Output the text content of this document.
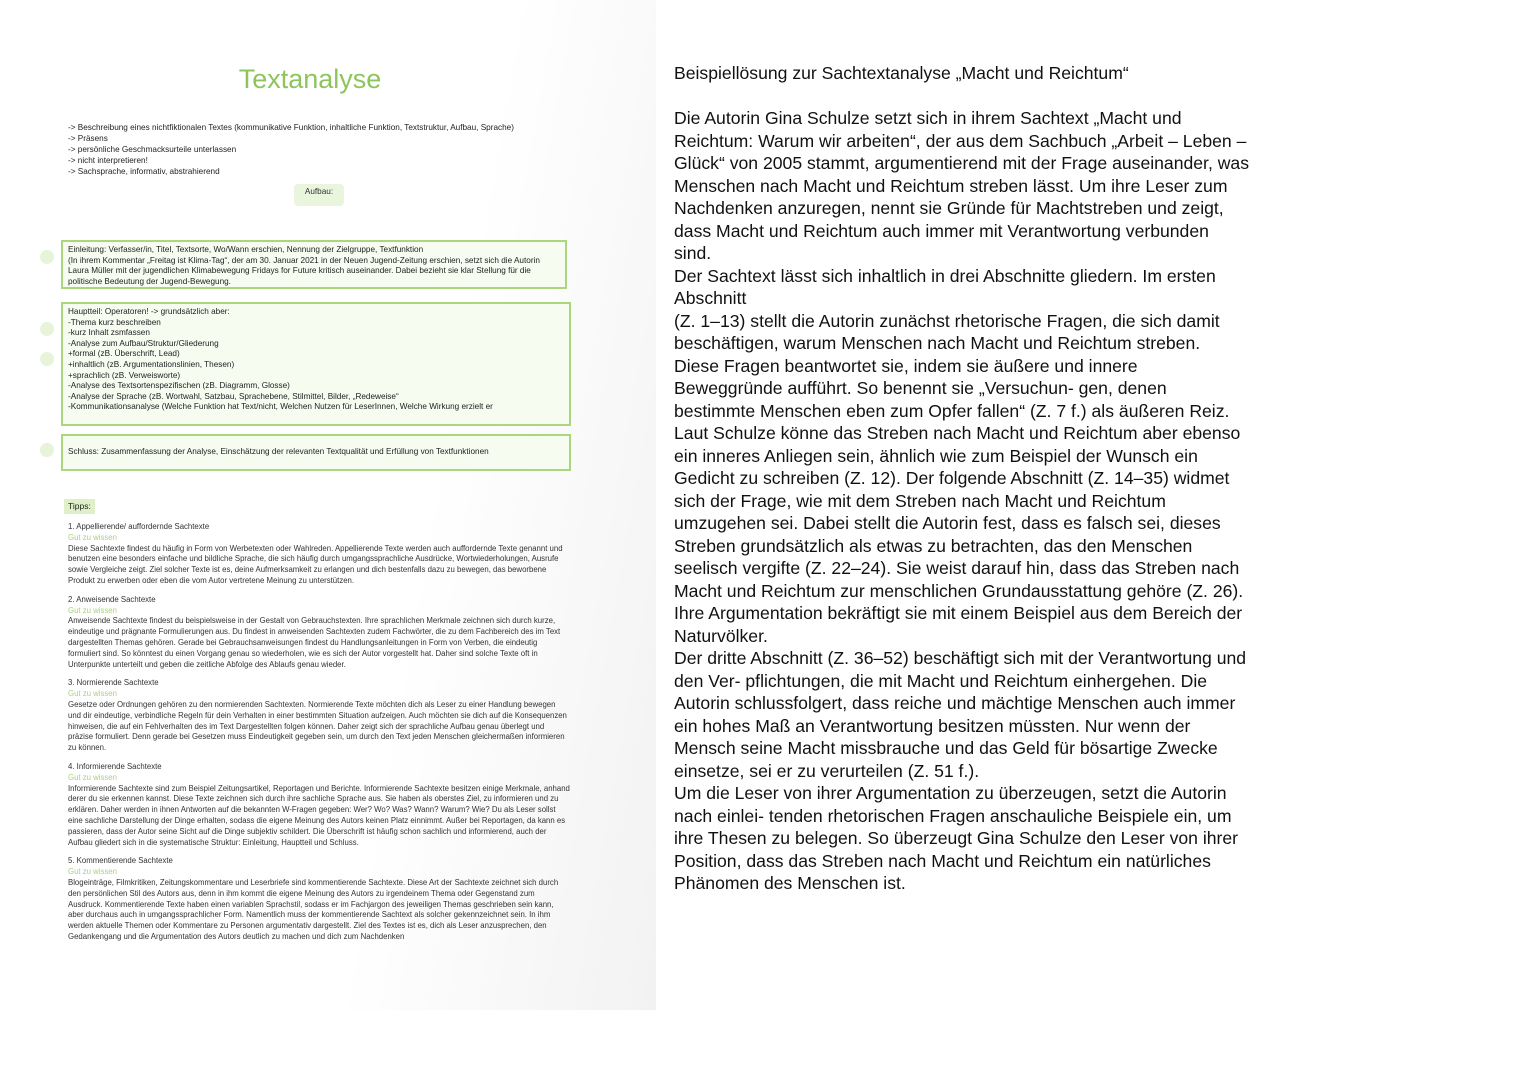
Textanalyse
-> Beschreibung eines nichtfiktionalen Textes (kommunikative Funktion, inhaltliche Funktion, Textstruktur, Aufbau, Sprache)
-> Präsens
-> persönliche Geschmacksurteile unterlassen
-> nicht interpretieren!
-> Sachsprache, informativ, abstrahierend
Aufbau:

Einleitung: Verfasser/in, Titel, Textsorte, Wo/Wann erschien, Nennung der Zielgruppe, Textfunktion

(In ihrem Kommentar „Freitag ist Klima-Tag“, der am 30. Januar 2021 in der Neuen Jugend-Zeitung erschien, setzt sich die Autorin Laura Müller mit der jugendlichen Klimabewegung Fridays for Future kritisch auseinander. Dabei bezieht sie klar Stellung für die politische Bedeutung der Jugend-Bewegung.

Hauptteil: Operatoren! -> grundsätzlich aber:

-Thema kurz beschreiben

-kurz Inhalt zsmfassen

-Analyse zum Aufbau/Struktur/Gliederung

+formal (zB. Überschrift, Lead)

+inhaltlich (zB. Argumentationslinien, Thesen)

+sprachlich (zB. Verweisworte)

-Analyse des Textsortenspezifischen (zB. Diagramm, Glosse)

-Analyse der Sprache (zB. Wortwahl, Satzbau, Sprachebene, Stilmittel, Bilder, „Redeweise“

-Kommunikationsanalyse (Welche Funktion hat Text/nicht, Welchen Nutzen für LeserInnen, Welche Wirkung erzielt er

Schluss: Zusammenfassung der Analyse, Einschätzung der relevanten Textqualität und Erfüllung von Textfunktionen

Tipps:

1. Appellierende/ auffordernde Sachtexte

Gut zu wissen

Diese Sachtexte findest du häufig in Form von Werbetexten oder Wahlreden. Appellierende Texte werden auch auffordernde Texte genannt und benutzen eine besonders einfache und bildliche Sprache, die sich häufig durch umgangssprachliche Ausdrücke, Wortwiederholungen, Ausrufe sowie Vergleiche zeigt. Ziel solcher Texte ist es, deine Aufmerksamkeit zu erlangen und dich bestenfalls dazu zu bewegen, das beworbene Produkt zu erwerben oder eben die vom Autor vertretene Meinung zu unterstützen.

2. Anweisende Sachtexte

Gut zu wissen

Anweisende Sachtexte findest du beispielsweise in der Gestalt von Gebrauchstexten. Ihre sprachlichen Merkmale zeichnen sich durch kurze, eindeutige und prägnante Formulierungen aus. Du findest in anweisenden Sachtexten zudem Fachwörter, die zu dem Fachbereich des im Text dargestellten Themas gehören. Gerade bei Gebrauchsanweisungen findest du Handlungsanleitungen in Form von Verben, die eindeutig formuliert sind. So könntest du einen Vorgang genau so wiederholen, wie es sich der Autor vorgestellt hat. Daher sind solche Texte oft in Unterpunkte unterteilt und geben die zeitliche Abfolge des Ablaufs genau wieder.

3. Normierende Sachtexte

Gut zu wissen

Gesetze oder Ordnungen gehören zu den normierenden Sachtexten. Normierende Texte möchten dich als Leser zu einer Handlung bewegen und dir eindeutige, verbindliche Regeln für dein Verhalten in einer bestimmten Situation aufzeigen. Auch möchten sie dich auf die Konsequenzen hinweisen, die auf ein Fehlverhalten des im Text Dargestellten folgen können. Daher zeigt sich der sprachliche Aufbau genau überlegt und präzise formuliert. Denn gerade bei Gesetzen muss Eindeutigkeit gegeben sein, um durch den Text jeden Menschen gleichermaßen informieren zu können.

4. Informierende Sachtexte

Gut zu wissen

Informierende Sachtexte sind zum Beispiel Zeitungsartikel, Reportagen und Berichte. Informierende Sachtexte besitzen einige Merkmale, anhand derer du sie erkennen kannst. Diese Texte zeichnen sich durch ihre sachliche Sprache aus. Sie haben als oberstes Ziel, zu informieren und zu erklären. Daher werden in ihnen Antworten auf die bekannten W-Fragen gegeben: Wer? Wo? Was? Wann? Warum? Wie? Du als Leser sollst eine sachliche Darstellung der Dinge erhalten, sodass die eigene Meinung des Autors keinen Platz einnimmt. Außer bei Reportagen, da kann es passieren, dass der Autor seine Sicht auf die Dinge subjektiv schildert. Die Überschrift ist häufig schon sachlich und informierend, auch der Aufbau gliedert sich in die systematische Struktur: Einleitung, Hauptteil und Schluss.

5. Kommentierende Sachtexte

Gut zu wissen

Blogeinträge, Filmkritiken, Zeitungskommentare und Leserbriefe sind kommentierende Sachtexte. Diese Art der Sachtexte zeichnet sich durch den persönlichen Stil des Autors aus, denn in ihm kommt die eigene Meinung des Autors zu irgendeinem Thema oder Gegenstand zum Ausdruck. Kommentierende Texte haben einen variablen Sprachstil, sodass er im Fachjargon des jeweiligen Themas geschrieben sein kann, aber durchaus auch in umgangssprachlicher Form. Namentlich muss der kommentierende Sachtext als solcher gekennzeichnet sein. In ihm werden aktuelle Themen oder Kommentare zu Personen argumentativ dargestellt. Ziel des Textes ist es, dich als Leser anzusprechen, den Gedankengang und die Argumentation des Autors deutlich zu machen und dich zum Nachdenken

Beispiellösung zur Sachtextanalyse „Macht und Reichtum“

Die Autorin Gina Schulze setzt sich in ihrem Sachtext „Macht und Reichtum: Warum wir arbeiten“, der aus dem Sachbuch „Arbeit – Leben – Glück“ von 2005 stammt, argumentierend mit der Frage auseinander, was Menschen nach Macht und Reichtum streben lässt. Um ihre Leser zum Nachdenken anzuregen, nennt sie Gründe für Machtstreben und zeigt, dass Macht und Reichtum auch immer mit Verantwortung verbunden sind.

Der Sachtext lässt sich inhaltlich in drei Abschnitte gliedern. Im ersten Abschnitt

(Z. 1–13) stellt die Autorin zunächst rhetorische Fragen, die sich damit beschäftigen, warum Menschen nach Macht und Reichtum streben. Diese Fragen beantwortet sie, indem sie äußere und innere Beweggründe aufführt. So benennt sie „Versuchun- gen, denen bestimmte Menschen eben zum Opfer fallen“ (Z. 7 f.) als äußeren Reiz. Laut Schulze könne das Streben nach Macht und Reichtum aber ebenso ein inneres Anliegen sein, ähnlich wie zum Beispiel der Wunsch ein Gedicht zu schreiben (Z. 12). Der folgende Abschnitt (Z. 14–35) widmet sich der Frage, wie mit dem Streben nach Macht und Reichtum umzugehen sei. Dabei stellt die Autorin fest, dass es falsch sei, dieses Streben grundsätzlich als etwas zu betrachten, das den Menschen seelisch vergifte (Z. 22–24). Sie weist darauf hin, dass das Streben nach Macht und Reichtum zur menschlichen Grundausstattung gehöre (Z. 26). Ihre Argumentation bekräftigt sie mit einem Beispiel aus dem Bereich der Naturvölker.

Der dritte Abschnitt (Z. 36–52) beschäftigt sich mit der Verantwortung und den Ver- pflichtungen, die mit Macht und Reichtum einhergehen. Die Autorin schlussfolgert, dass reiche und mächtige Menschen auch immer ein hohes Maß an Verantwortung besitzen müssten. Nur wenn der Mensch seine Macht missbrauche und das Geld für bösartige Zwecke einsetze, sei er zu verurteilen (Z. 51 f.).

Um die Leser von ihrer Argumentation zu überzeugen, setzt die Autorin nach einlei- tenden rhetorischen Fragen anschauliche Beispiele ein, um ihre Thesen zu belegen. So überzeugt Gina Schulze den Leser von ihrer Position, dass das Streben nach Macht und Reichtum ein natürliches Phänomen des Menschen ist.
